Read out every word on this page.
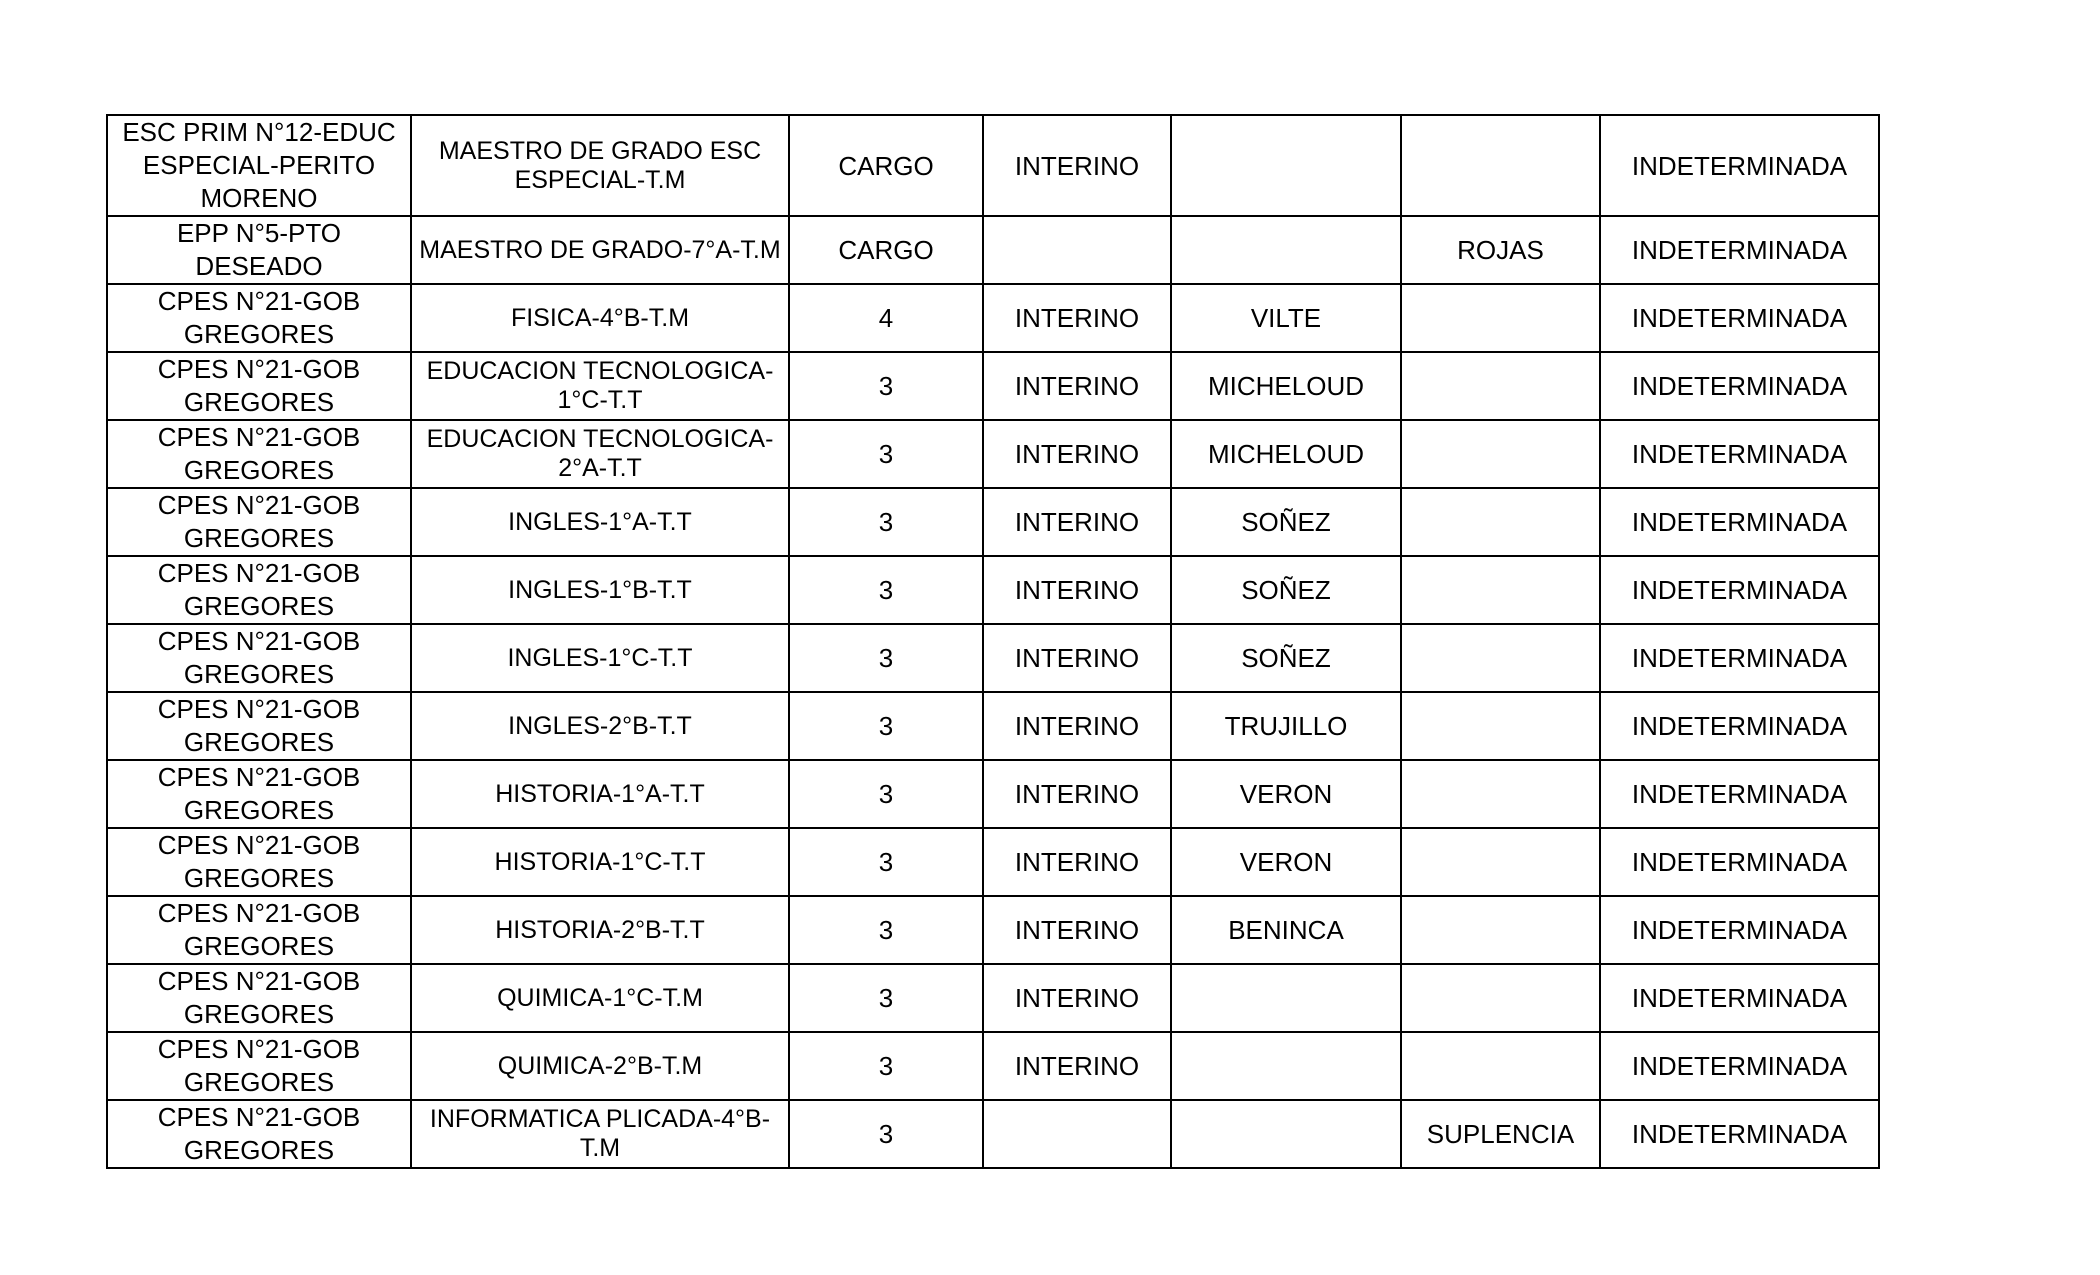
ESC PRIM N°12-EDUC ESPECIAL-PERITO MORENO	MAESTRO DE GRADO ESC ESPECIAL-T.M	CARGO	INTERINO			INDETERMINADA
EPP N°5-PTO DESEADO	MAESTRO DE GRADO-7°A-T.M	CARGO			ROJAS	INDETERMINADA
CPES N°21-GOB GREGORES	FISICA-4°B-T.M	4	INTERINO	VILTE		INDETERMINADA
CPES N°21-GOB GREGORES	EDUCACION TECNOLOGICA-1°C-T.T	3	INTERINO	MICHELOUD		INDETERMINADA
CPES N°21-GOB GREGORES	EDUCACION TECNOLOGICA-2°A-T.T	3	INTERINO	MICHELOUD		INDETERMINADA
CPES N°21-GOB GREGORES	INGLES-1°A-T.T	3	INTERINO	SOÑEZ		INDETERMINADA
CPES N°21-GOB GREGORES	INGLES-1°B-T.T	3	INTERINO	SOÑEZ		INDETERMINADA
CPES N°21-GOB GREGORES	INGLES-1°C-T.T	3	INTERINO	SOÑEZ		INDETERMINADA
CPES N°21-GOB GREGORES	INGLES-2°B-T.T	3	INTERINO	TRUJILLO		INDETERMINADA
CPES N°21-GOB GREGORES	HISTORIA-1°A-T.T	3	INTERINO	VERON		INDETERMINADA
CPES N°21-GOB GREGORES	HISTORIA-1°C-T.T	3	INTERINO	VERON		INDETERMINADA
CPES N°21-GOB GREGORES	HISTORIA-2°B-T.T	3	INTERINO	BENINCA		INDETERMINADA
CPES N°21-GOB GREGORES	QUIMICA-1°C-T.M	3	INTERINO			INDETERMINADA
CPES N°21-GOB GREGORES	QUIMICA-2°B-T.M	3	INTERINO			INDETERMINADA
CPES N°21-GOB GREGORES	INFORMATICA PLICADA-4°B-T.M	3			SUPLENCIA	INDETERMINADA
